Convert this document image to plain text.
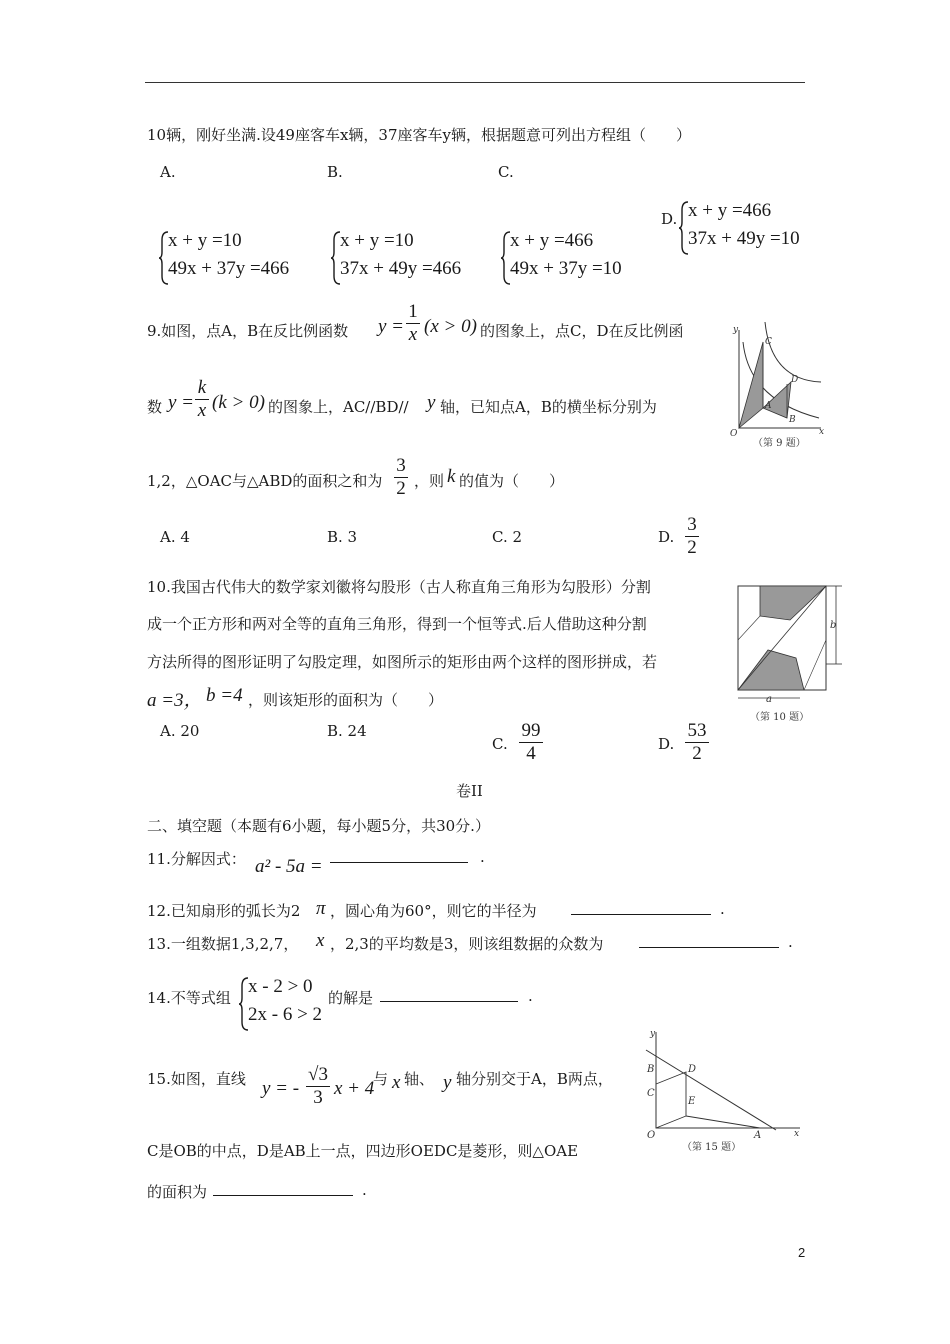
10辆，刚好坐满.设49座客车x辆，37座客车y辆，根据题意可列出方程组（　　）
A.	B.	C.
x + y =10
49x + 37y =466
x + y =10
37x + 49y =466
x + y =466
49x + 37y =10
D. x + y =466
37x + 49y =10
9.如图，点A，B在反比例函数 y =
1
x (x > 0) 的图象上，点C，D在反比例函
数 y =
k
x (k > 0) 的图象上，AC//BD// y 轴，已知点A，B的横坐标分别为
1,2，△OAC与△ABD的面积之和为
3
2 ，则 k 的值为（　　）
A. 4	B. 3	C. 2	D.
3
2
y
x
O
C
D
A
B
（第 9 题）
10.我国古代伟大的数学家刘徽将勾股形（古人称直角三角形为勾股形）分割
成一个正方形和两对全等的直角三角形，得到一个恒等式.后人借助这种分割
方法所得的图形证明了勾股定理，如图所示的矩形由两个这样的图形拼成，若
a =3， b =4 ，则该矩形的面积为（　　）
A. 20	B. 24
C.
99
4	D.
53
2
b
a
（第 10 题）
卷II
二、填空题（本题有6小题，每小题5分，共30分.）
11.分解因式： a² - 5a =	.
12.已知扇形的弧长为2 π ，圆心角为60°，则它的半径为	.
13.一组数据1,3,2,7， x ，2,3的平均数是3，则该组数据的众数为	.
14.不等式组
x - 2 > 0
2x - 6 > 2
的解是	.
15.如图，直线 y = -
√3
3 x + 4
与 x 轴、 y 轴分别交于A，B两点，
C是OB的中点，D是AB上一点，四边形OEDC是菱形，则△OAE
的面积为	.
y
x
O
B
C
D
E
A
（第 15 题）
2
